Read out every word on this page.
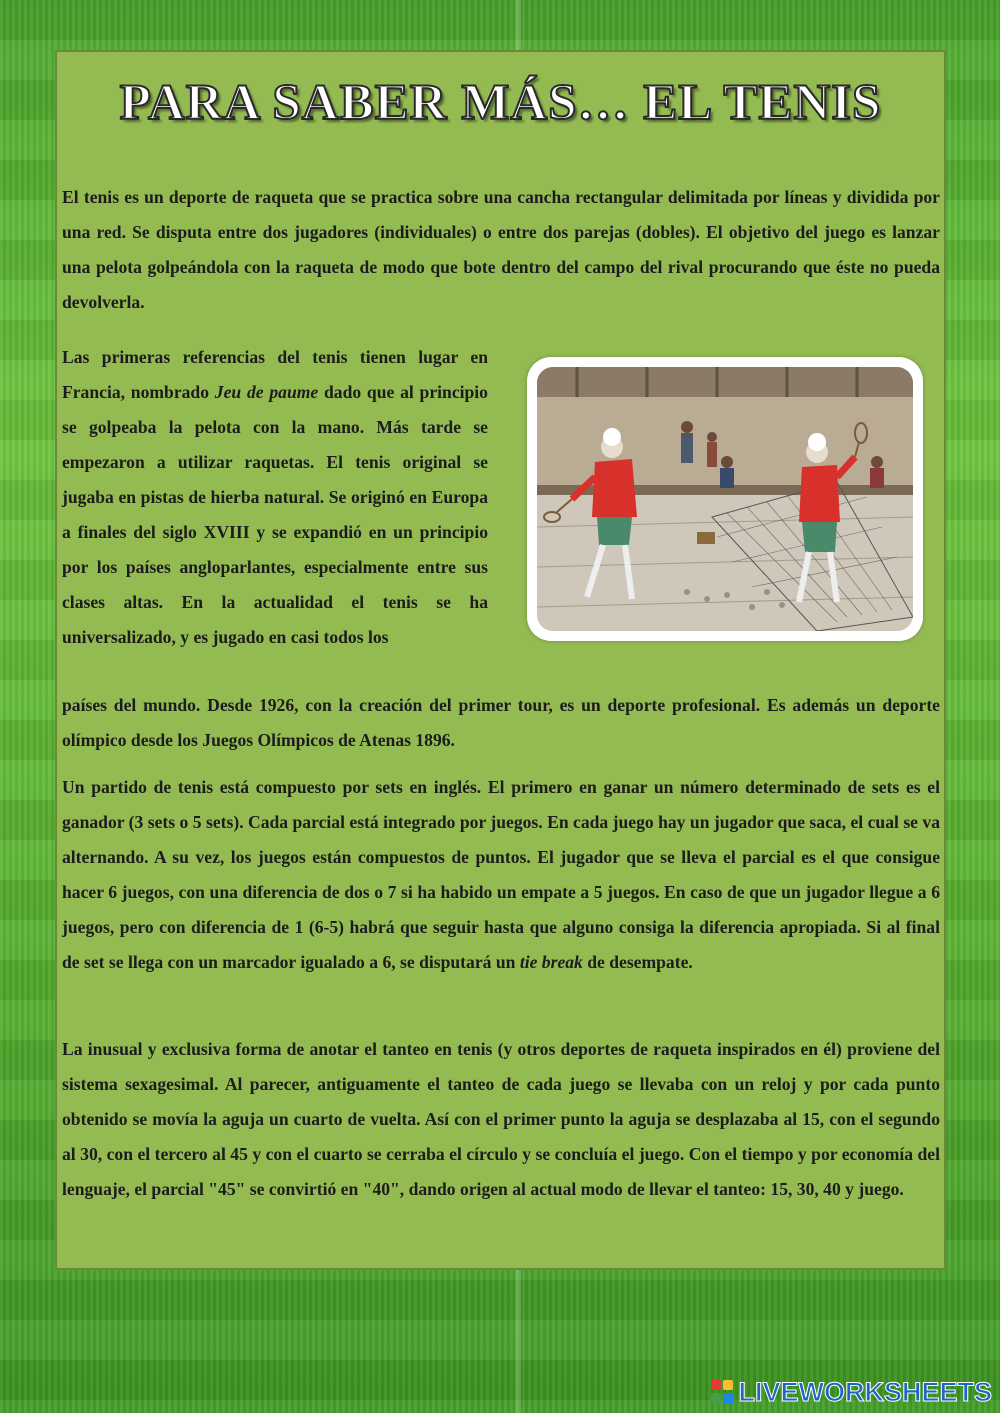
PARA SABER MÁS… EL TENIS

El tenis es un deporte de raqueta que se practica sobre una cancha rectangular delimitada por líneas y dividida por una red. Se disputa entre dos jugadores (individuales) o entre dos parejas (dobles). El objetivo del juego es lanzar una pelota golpeándola con la raqueta de modo que bote dentro del campo del rival procurando que éste no pueda devolverla.

Las primeras referencias del tenis tienen lugar en Francia, nombrado Jeu de paume dado que al principio se golpeaba la pelota con la mano. Más tarde se empezaron a utilizar raquetas. El tenis original se jugaba en pistas de hierba natural. Se originó en Europa a finales del siglo XVIII y se expandió en un principio por los países angloparlantes, especialmente entre sus clases altas. En la actualidad el tenis se ha universalizado, y es jugado en casi todos los

países del mundo. Desde 1926, con la creación del primer tour, es un deporte profesional. Es además un deporte olímpico desde los Juegos Olímpicos de Atenas 1896.

Un partido de tenis está compuesto por sets en inglés. El primero en ganar un número determinado de sets es el ganador (3 sets o 5 sets). Cada parcial está integrado por juegos. En cada juego hay un jugador que saca, el cual se va alternando. A su vez, los juegos están compuestos de puntos. El jugador que se lleva el parcial es el que consigue hacer 6 juegos, con una diferencia de dos o 7 si ha habido un empate a 5 juegos. En caso de que un jugador llegue a 6 juegos, pero con diferencia de 1 (6-5) habrá que seguir hasta que alguno consiga la diferencia apropiada. Si al final de set se llega con un marcador igualado a 6, se disputará un tie break de desempate.

La inusual y exclusiva forma de anotar el tanteo en tenis (y otros deportes de raqueta inspirados en él) proviene del sistema sexagesimal. Al parecer, antiguamente el tanteo de cada juego se llevaba con un reloj y por cada punto obtenido se movía la aguja un cuarto de vuelta. Así con el primer punto la aguja se desplazaba al 15, con el segundo al 30, con el tercero al 45 y con el cuarto se cerraba el círculo y se concluía el juego. Con el tiempo y por economía del lenguaje, el parcial "45" se convirtió en "40", dando origen al actual modo de llevar el tanteo: 15, 30, 40 y juego.

LIVEWORKSHEETS
